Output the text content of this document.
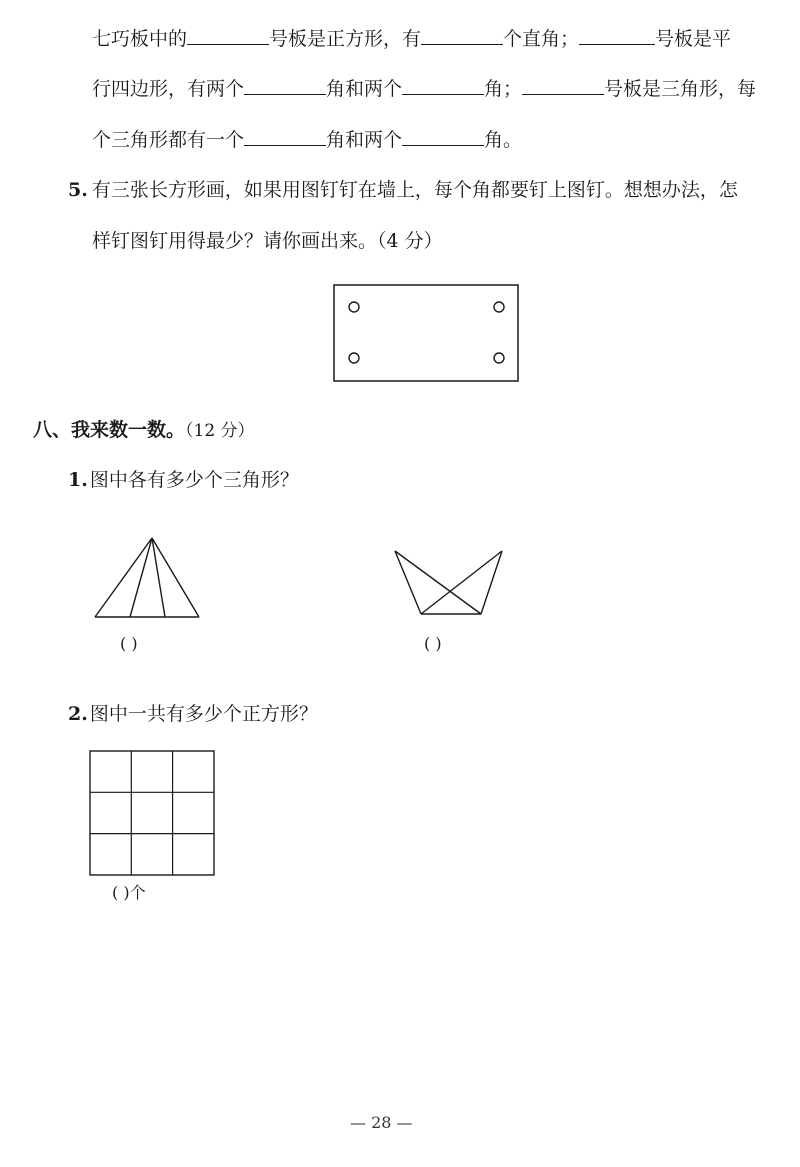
七巧板中的	号板是正方形，有	个直角；	号板是平
行四边形，有两个	角和两个	角；	号板是三角形，每
个三角形都有一个	角和两个	角。
5. 有三张长方形画，如果用图钉钉在墙上，每个角都要钉上图钉。想想办法，怎
样钉图钉用得最少？请你画出来。（4 分）
八、我来数一数。（12 分）
1. 图中各有多少个三角形？
( )	( )
2. 图中一共有多少个正方形？
( )个
— 28 —
